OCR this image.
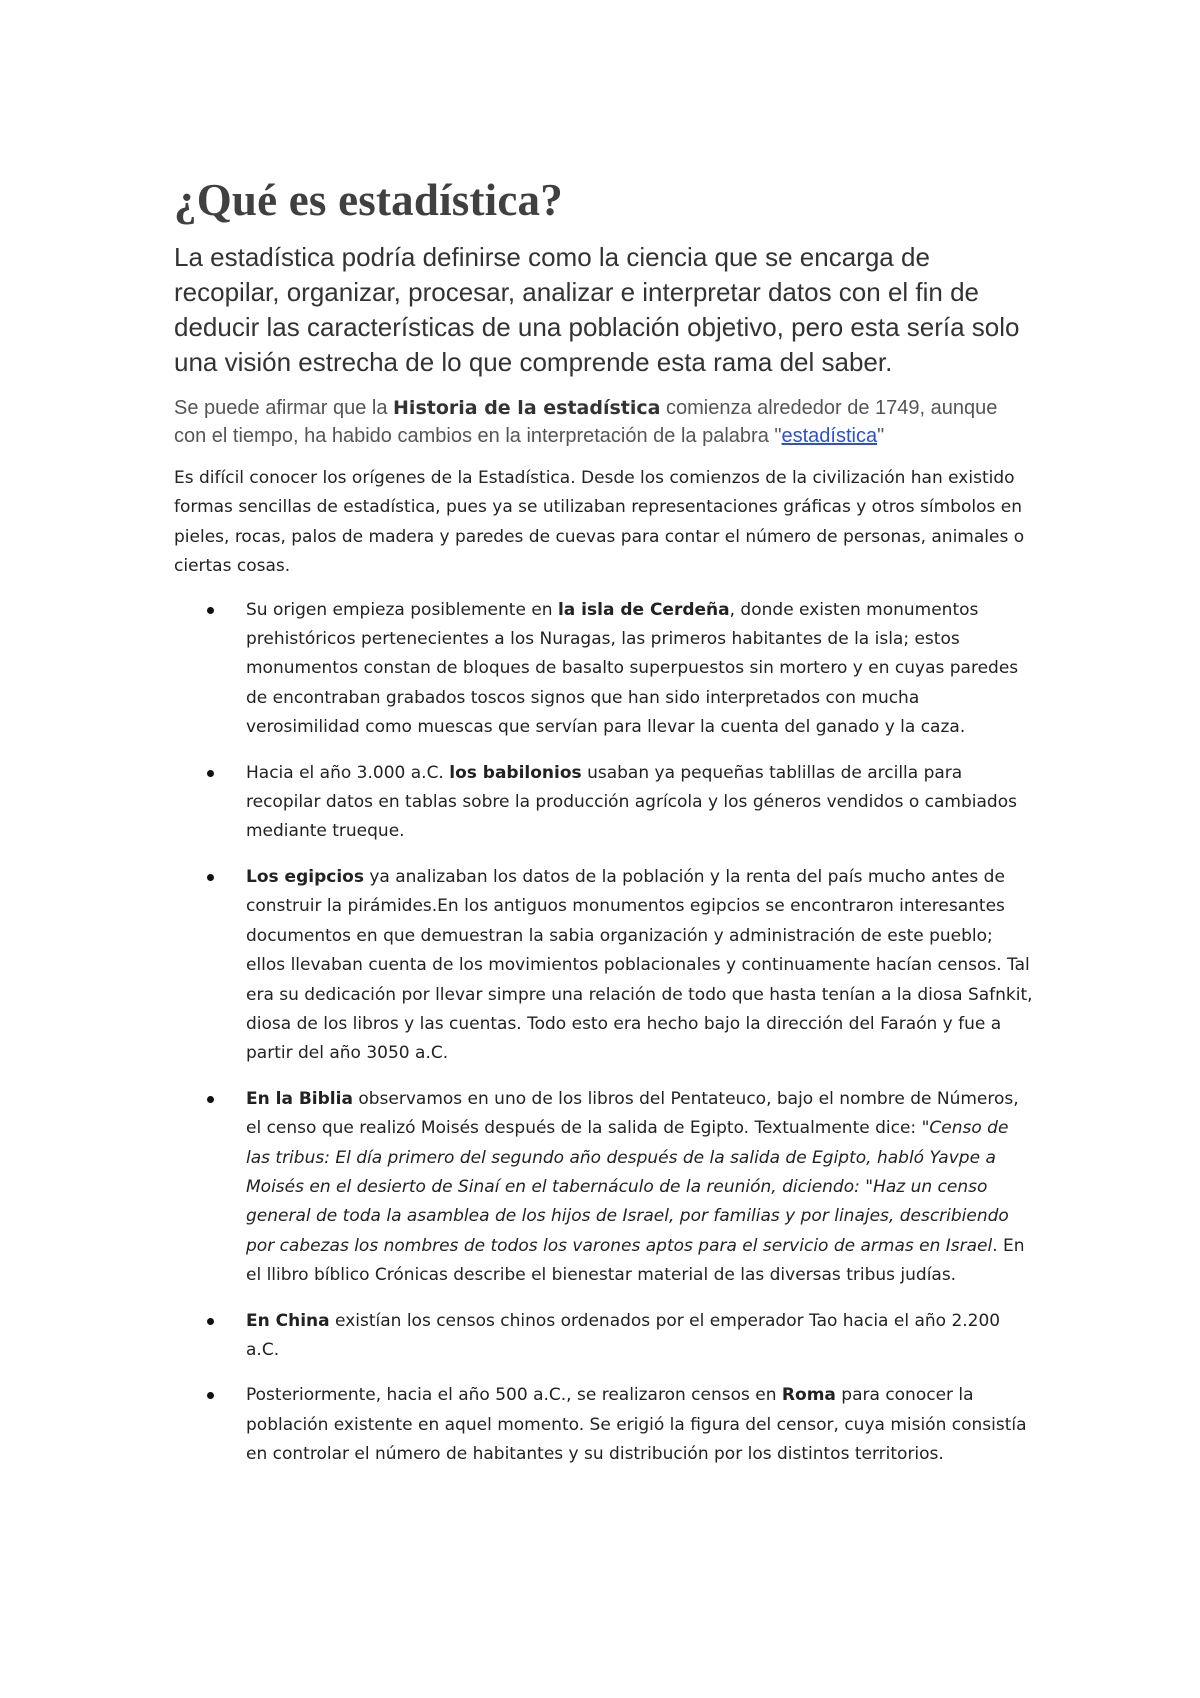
¿Qué es estadística?

La estadística podría definirse como la ciencia que se encarga de recopilar, organizar, procesar, analizar e interpretar datos con el fin de deducir las características de una población objetivo, pero esta sería solo una visión estrecha de lo que comprende esta rama del saber.

Se puede afirmar que la Historia de la estadística comienza alrededor de 1749, aunque con el tiempo, ha habido cambios en la interpretación de la palabra "estadística"

Es difícil conocer los orígenes de la Estadística. Desde los comienzos de la civilización han existido formas sencillas de estadística, pues ya se utilizaban representaciones gráficas y otros símbolos en pieles, rocas, palos de madera y paredes de cuevas para contar el número de personas, animales o ciertas cosas.

Su origen empieza posiblemente en la isla de Cerdeña, donde existen monumentos prehistóricos pertenecientes a los Nuragas, las primeros habitantes de la isla; estos monumentos constan de bloques de basalto superpuestos sin mortero y en cuyas paredes de encontraban grabados toscos signos que han sido interpretados con mucha verosimilidad como muescas que servían para llevar la cuenta del ganado y la caza.
Hacia el año 3.000 a.C. los babilonios usaban ya pequeñas tablillas de arcilla para recopilar datos en tablas sobre la producción agrícola y los géneros vendidos o cambiados mediante trueque.
Los egipcios ya analizaban los datos de la población y la renta del país mucho antes de construir la pirámides.En los antiguos monumentos egipcios se encontraron interesantes documentos en que demuestran la sabia organización y administración de este pueblo; ellos llevaban cuenta de los movimientos poblacionales y continuamente hacían censos. Tal era su dedicación por llevar simpre una relación de todo que hasta tenían a la diosa Safnkit, diosa de los libros y las cuentas. Todo esto era hecho bajo la dirección del Faraón y fue a partir del año 3050 a.C.
En la Biblia observamos en uno de los libros del Pentateuco, bajo el nombre de Números, el censo que realizó Moisés después de la salida de Egipto. Textualmente dice: "Censo de las tribus: El día primero del segundo año después de la salida de Egipto, habló Yavpe a Moisés en el desierto de Sinaí en el tabernáculo de la reunión, diciendo: "Haz un censo general de toda la asamblea de los hijos de Israel, por familias y por linajes, describiendo por cabezas los nombres de todos los varones aptos para el servicio de armas en Israel. En el llibro bíblico Crónicas describe el bienestar material de las diversas tribus judías.
En China existían los censos chinos ordenados por el emperador Tao hacia el año 2.200 a.C.
Posteriormente, hacia el año 500 a.C., se realizaron censos en Roma para conocer la población existente en aquel momento. Se erigió la figura del censor, cuya misión consistía en controlar el número de habitantes y su distribución por los distintos territorios.
